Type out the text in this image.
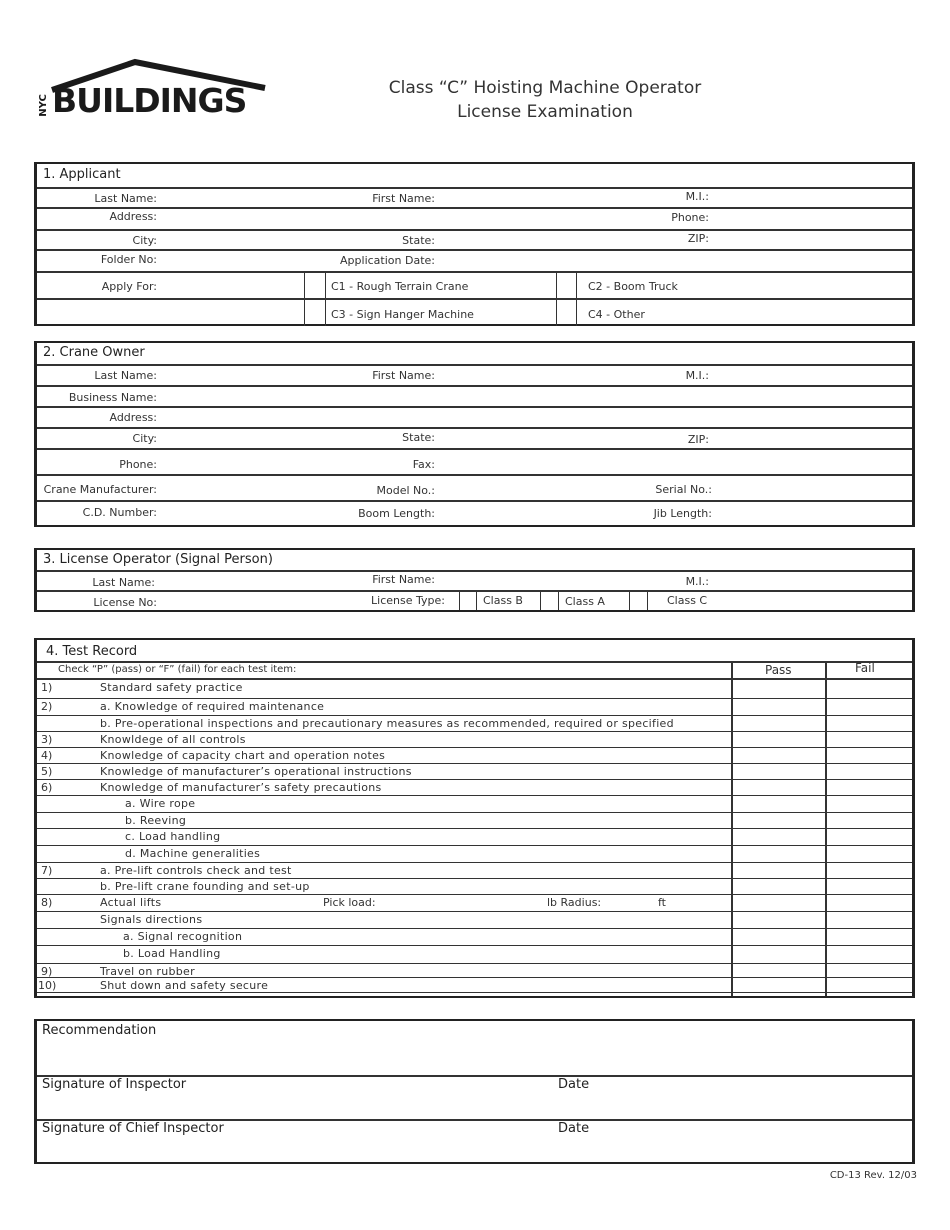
NYC BUILDINGS	Class “C” Hoisting Machine Operator
License Examination
1. Applicant
Last Name:	First Name:	M.I.:
Address:	Phone:
City:	State:	ZIP:
Folder No:	Application Date:
Apply For:	C1 - Rough Terrain Crane	C2 - Boom Truck
C3 - Sign Hanger Machine	C4 - Other
2. Crane Owner
Last Name:	First Name:	M.I.:
Business Name:
Address:
City:	State:	ZIP:
Phone:	Fax:
Crane Manufacturer:	Model No.:	Serial No.:
C.D. Number:	Boom Length:	Jib Length:
3. License Operator (Signal Person)
Last Name:	First Name:	M.I.:
License No:	License Type:	Class B	Class A	Class C
4. Test Record
Check “P” (pass) or “F” (fail) for each test item:	Pass	Fail
1)	Standard safety practice
2)	a. Knowledge of required maintenance
b. Pre-operational inspections and precautionary measures as recommended, required or specified
3)	Knowldege of all controls
4)	Knowledge of capacity chart and operation notes
5)	Knowledge of manufacturer’s operational instructions
6)	Knowledge of manufacturer’s safety precautions
a. Wire rope
b. Reeving
c. Load handling
d. Machine generalities
7)	a. Pre-lift controls check and test
b. Pre-lift crane founding and set-up
8)	Actual lifts	Pick load:	lb Radius:	ft
Signals directions
a. Signal recognition
b. Load Handling
9)	Travel on rubber
10)	Shut down and safety secure
Recommendation
Signature of Inspector	Date
Signature of Chief Inspector	Date
CD-13 Rev. 12/03
